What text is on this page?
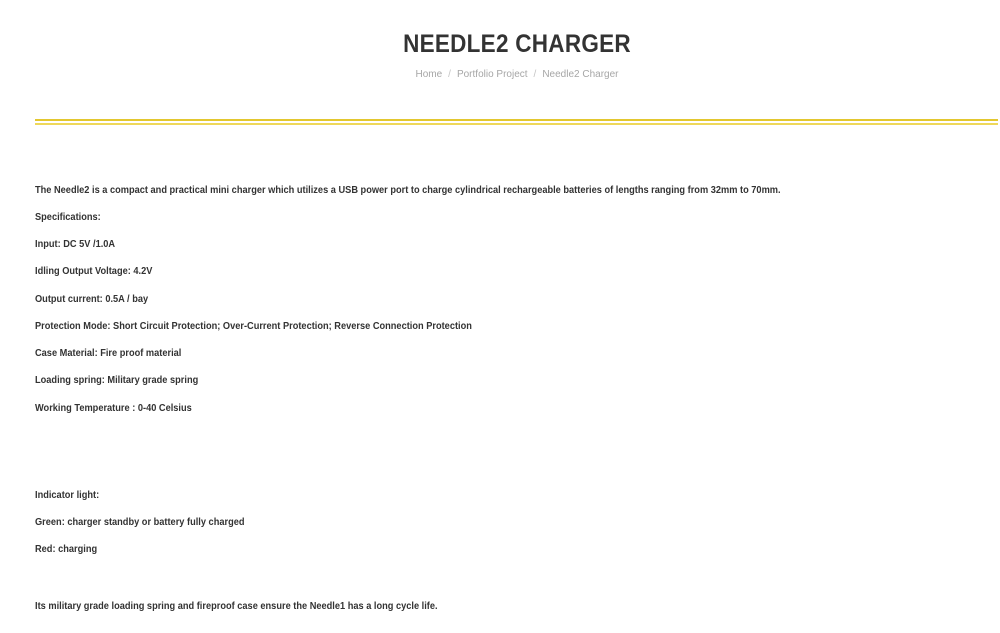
NEEDLE2 CHARGER
Home / Portfolio Project / Needle2 Charger

The Needle2 is a compact and practical mini charger which utilizes a USB power port to charge cylindrical rechargeable batteries of lengths ranging from 32mm to 70mm.

Specifications:

Input: DC 5V /1.0A

Idling Output Voltage: 4.2V

Output current: 0.5A / bay

Protection Mode: Short Circuit Protection; Over-Current Protection; Reverse Connection Protection

Case Material: Fire proof material

Loading spring: Military grade spring

Working Temperature : 0-40 Celsius

Indicator light:

Green: charger standby or battery fully charged

Red: charging

Its military grade loading spring and fireproof case ensure the Needle1 has a long cycle life.
